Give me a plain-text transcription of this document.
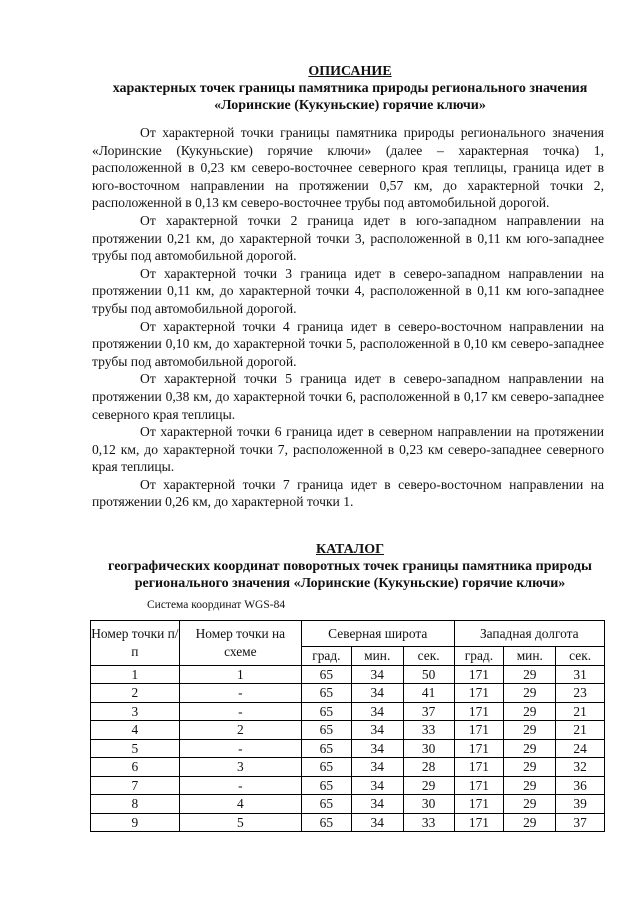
ОПИСАНИЕ
характерных точек границы памятника природы регионального значения
«Лоринские (Кукуньские) горячие ключи»

От характерной точки границы памятника природы регионального значения «Лоринские (Кукуньские) горячие ключи» (далее – характерная точка) 1, расположенной в 0,23 км северо-восточнее северного края теплицы, граница идет в юго-восточном направлении на протяжении 0,57 км, до характерной точки 2, расположенной в 0,13 км северо-восточнее трубы под автомобильной дорогой.

От характерной точки 2 граница идет в юго-западном направлении на протяжении 0,21 км, до характерной точки 3, расположенной в 0,11 км юго-западнее трубы под автомобильной дорогой.

От характерной точки 3 граница идет в северо-западном направлении на протяжении 0,11 км, до характерной точки 4, расположенной в 0,11 км юго-западнее трубы под автомобильной дорогой.

От характерной точки 4 граница идет в северо-восточном направлении на протяжении 0,10 км, до характерной точки 5, расположенной в 0,10 км северо-западнее трубы под автомобильной дорогой.

От характерной точки 5 граница идет в северо-западном направлении на протяжении 0,38 км, до характерной точки 6, расположенной в 0,17 км северо-западнее северного края теплицы.

От характерной точки 6 граница идет в северном направлении на протяжении 0,12 км, до характерной точки 7, расположенной в 0,23 км северо-западнее северного края теплицы.

От характерной точки 7 граница идет в северо-восточном направлении на протяжении 0,26 км, до характерной точки 1.

КАТАЛОГ
географических координат поворотных точек границы памятника природы
регионального значения «Лоринские (Кукуньские) горячие ключи»
Система координат WGS-84
Номер точки п/п	Номер точки на схеме	Северная широта			Западная долгота		
		град.	мин.	сек.	град.	мин.	сек.
1	1	65	34	50	171	29	31
2	-	65	34	41	171	29	23
3	-	65	34	37	171	29	21
4	2	65	34	33	171	29	21
5	-	65	34	30	171	29	24
6	3	65	34	28	171	29	32
7	-	65	34	29	171	29	36
8	4	65	34	30	171	29	39
9	5	65	34	33	171	29	37
